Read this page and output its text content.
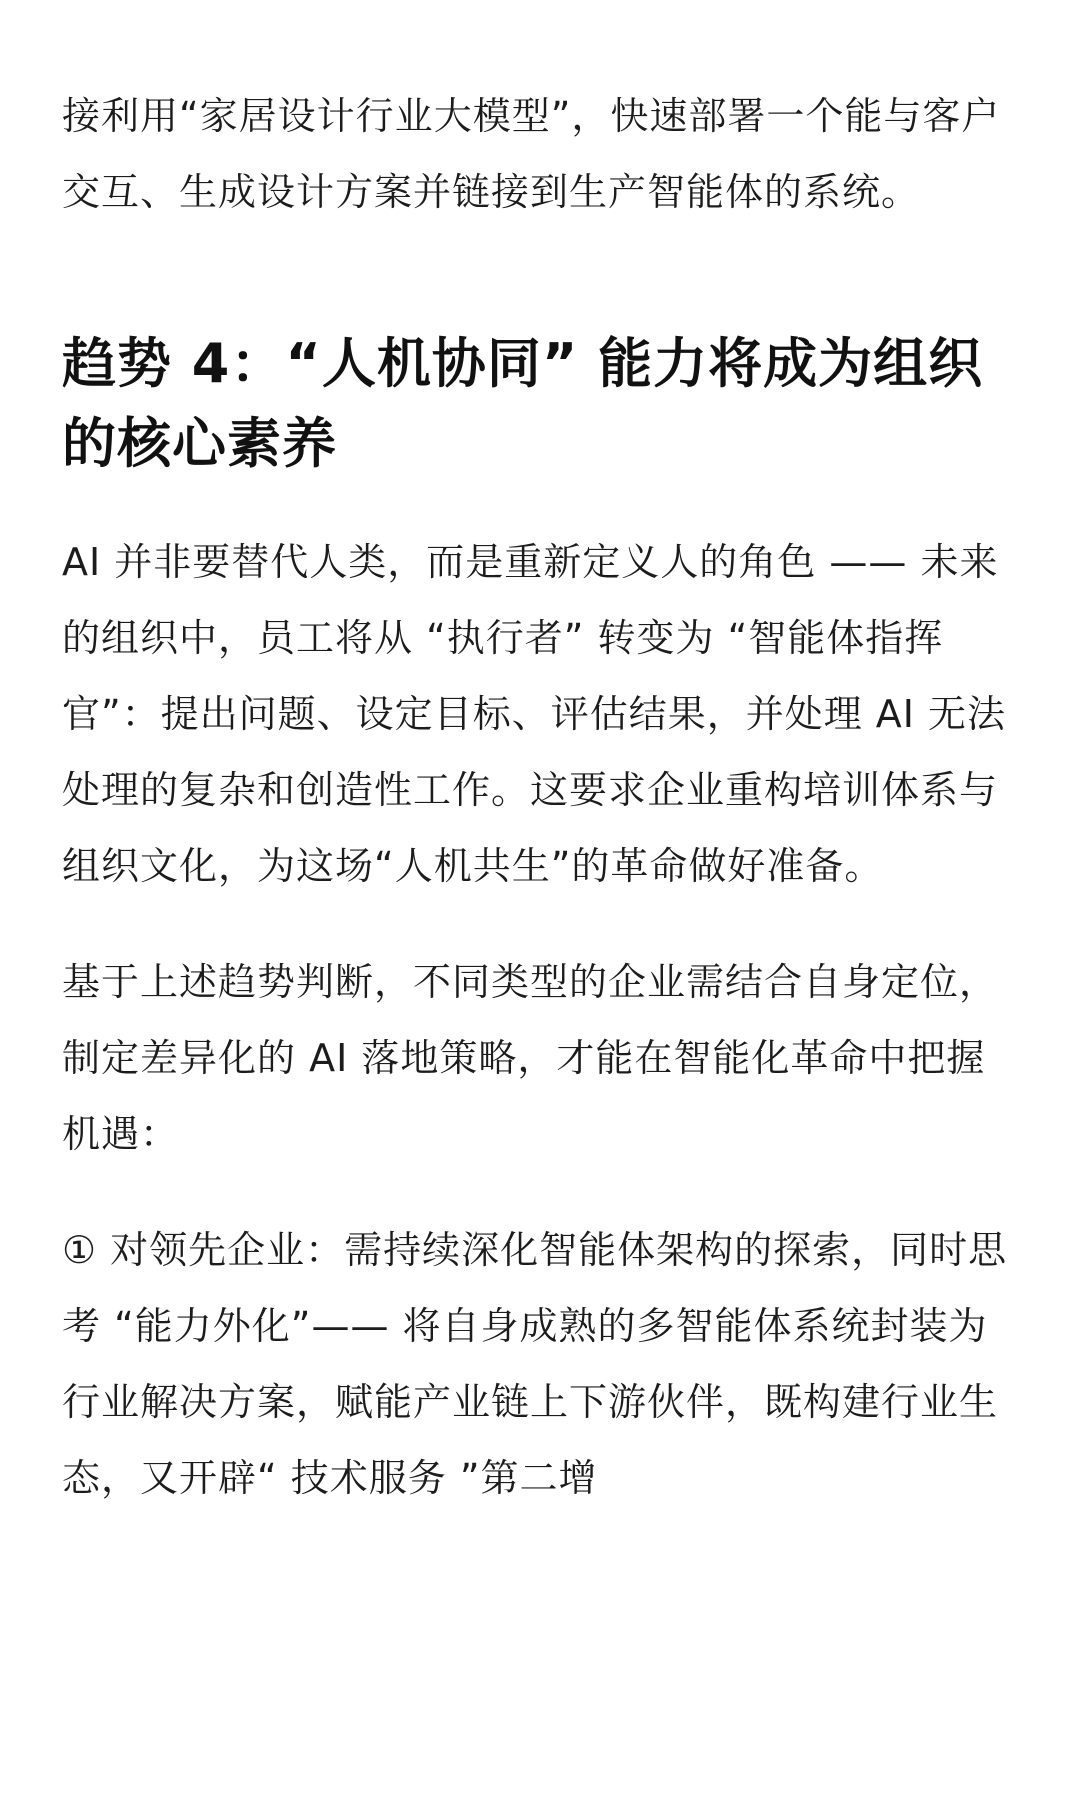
接利用“家居设计行业大模型”，快速部署一个能与客户交互、生成设计方案并链接到生产智能体的系统。

趋势 4：“人机协同” 能力将成为组织的核心素养

AI 并非要替代人类，而是重新定义人的角色 —— 未来的组织中，员工将从 “执行者” 转变为 “智能体指挥官”：提出问题、设定目标、评估结果，并处理 AI 无法处理的复杂和创造性工作。这要求企业重构培训体系与组织文化，为这场“人机共生”的革命做好准备。

基于上述趋势判断，不同类型的企业需结合自身定位，制定差异化的 AI 落地策略，才能在智能化革命中把握机遇：

① 对领先企业：需持续深化智能体架构的探索，同时思考 “能力外化”—— 将自身成熟的多智能体系统封装为行业解决方案，赋能产业链上下游伙伴，既构建行业生态，又开辟“ 技术服务 ”第二增
